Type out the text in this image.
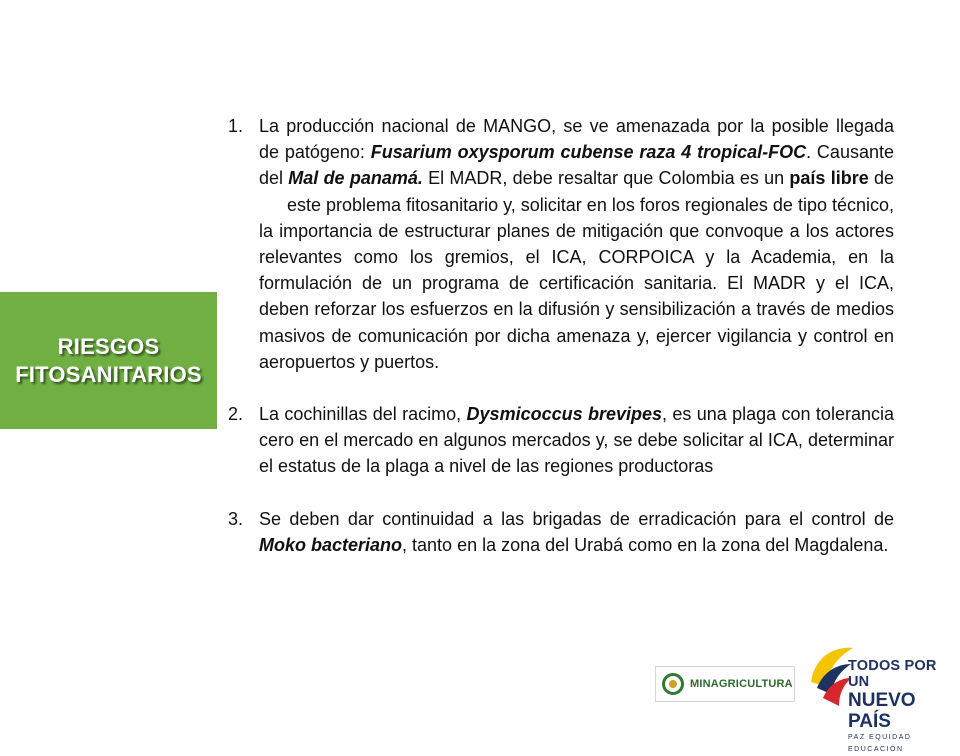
RIESGOS
FITOSANITARIOS
1. La producción nacional de MANGO, se ve amenazada por la posible llegada de patógeno: Fusarium oxysporum cubense raza 4 tropical-FOC. Causante del Mal de panamá. El MADR, debe resaltar que Colombia es un país libre deeste problema fitosanitario y, solicitar en los foros regionales de tipo técnico, la importancia de estructurar planes de mitigación que convoque a los actores relevantes como los gremios, el ICA, CORPOICA y la Academia, en la formulación de un programa de certificación sanitaria. El MADR y el ICA, deben reforzar los esfuerzos en la difusión y sensibilización a través de medios masivos de comunicación por dicha amenaza y, ejercer vigilancia y control en aeropuertos y puertos.
2. La cochinillas del racimo, Dysmicoccus brevipes, es una plaga con tolerancia cero en el mercado en algunos mercados y, se debe solicitar al ICA, determinar el estatus de la plaga a nivel de las regiones productoras
3. Se deben dar continuidad a las brigadas de erradicación para el control de Moko bacteriano, tanto en la zona del Urabá como en la zona del Magdalena.
MINAGRICULTURA
TODOS POR UN
NUEVO PAÍS
PAZ EQUIDAD EDUCACIÓN
